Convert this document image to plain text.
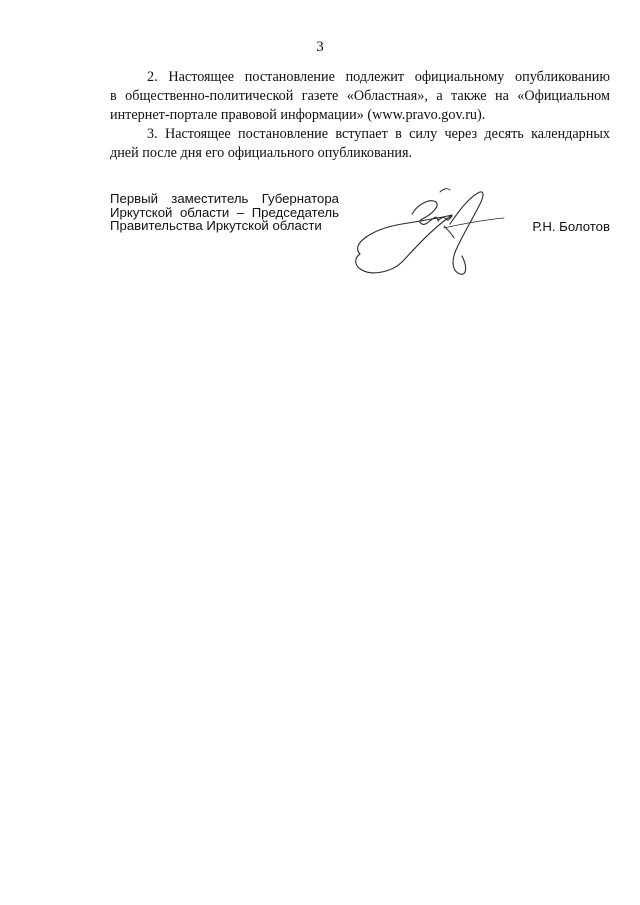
3

2. Настоящее постановление подлежит официальному опубликованию
в общественно-политической газете «Областная», а также на «Официальном
интернет-портале правовой информации» (www.pravo.gov.ru).

3. Настоящее постановление вступает в силу через десять календарных
дней после дня его официального опубликования.

Первый заместитель Губернатора
Иркутской области – Председатель
Правительства Иркутской области	Р.Н. Болотов
